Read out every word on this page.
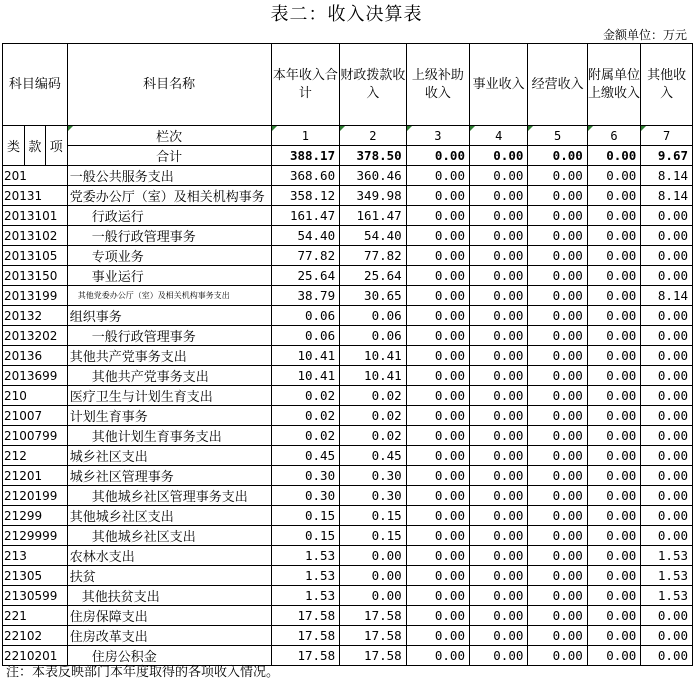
表二：收入决算表
金额单位：万元
科目编码			科目名称	本年收入合计	财政拨款收入	上级补助收入	事业收入	经营收入	附属单位上缴收入	其他收入
类	款	项	栏次	1	2	3	4	5	6	7
			合计	388.17	378.50	0.00	0.00	0.00	0.00	9.67
201			一般公共服务支出	368.60	360.46	0.00	0.00	0.00	0.00	8.14
20131			党委办公厅（室）及相关机构事务	358.12	349.98	0.00	0.00	0.00	0.00	8.14
2013101			行政运行	161.47	161.47	0.00	0.00	0.00	0.00	0.00
2013102			一般行政管理事务	54.40	54.40	0.00	0.00	0.00	0.00	0.00
2013105			专项业务	77.82	77.82	0.00	0.00	0.00	0.00	0.00
2013150			事业运行	25.64	25.64	0.00	0.00	0.00	0.00	0.00
2013199			其他党委办公厅（室）及相关机构事务支出	38.79	30.65	0.00	0.00	0.00	0.00	8.14
20132			组织事务	0.06	0.06	0.00	0.00	0.00	0.00	0.00
2013202			一般行政管理事务	0.06	0.06	0.00	0.00	0.00	0.00	0.00
20136			其他共产党事务支出	10.41	10.41	0.00	0.00	0.00	0.00	0.00
2013699			其他共产党事务支出	10.41	10.41	0.00	0.00	0.00	0.00	0.00
210			医疗卫生与计划生育支出	0.02	0.02	0.00	0.00	0.00	0.00	0.00
21007			计划生育事务	0.02	0.02	0.00	0.00	0.00	0.00	0.00
2100799			其他计划生育事务支出	0.02	0.02	0.00	0.00	0.00	0.00	0.00
212			城乡社区支出	0.45	0.45	0.00	0.00	0.00	0.00	0.00
21201			城乡社区管理事务	0.30	0.30	0.00	0.00	0.00	0.00	0.00
2120199			其他城乡社区管理事务支出	0.30	0.30	0.00	0.00	0.00	0.00	0.00
21299			其他城乡社区支出	0.15	0.15	0.00	0.00	0.00	0.00	0.00
2129999			其他城乡社区支出	0.15	0.15	0.00	0.00	0.00	0.00	0.00
213			农林水支出	1.53	0.00	0.00	0.00	0.00	0.00	1.53
21305			扶贫	1.53	0.00	0.00	0.00	0.00	0.00	1.53
2130599			其他扶贫支出	1.53	0.00	0.00	0.00	0.00	0.00	1.53
221			住房保障支出	17.58	17.58	0.00	0.00	0.00	0.00	0.00
22102			住房改革支出	17.58	17.58	0.00	0.00	0.00	0.00	0.00
2210201			住房公积金	17.58	17.58	0.00	0.00	0.00	0.00	0.00
注：本表反映部门本年度取得的各项收入情况。
